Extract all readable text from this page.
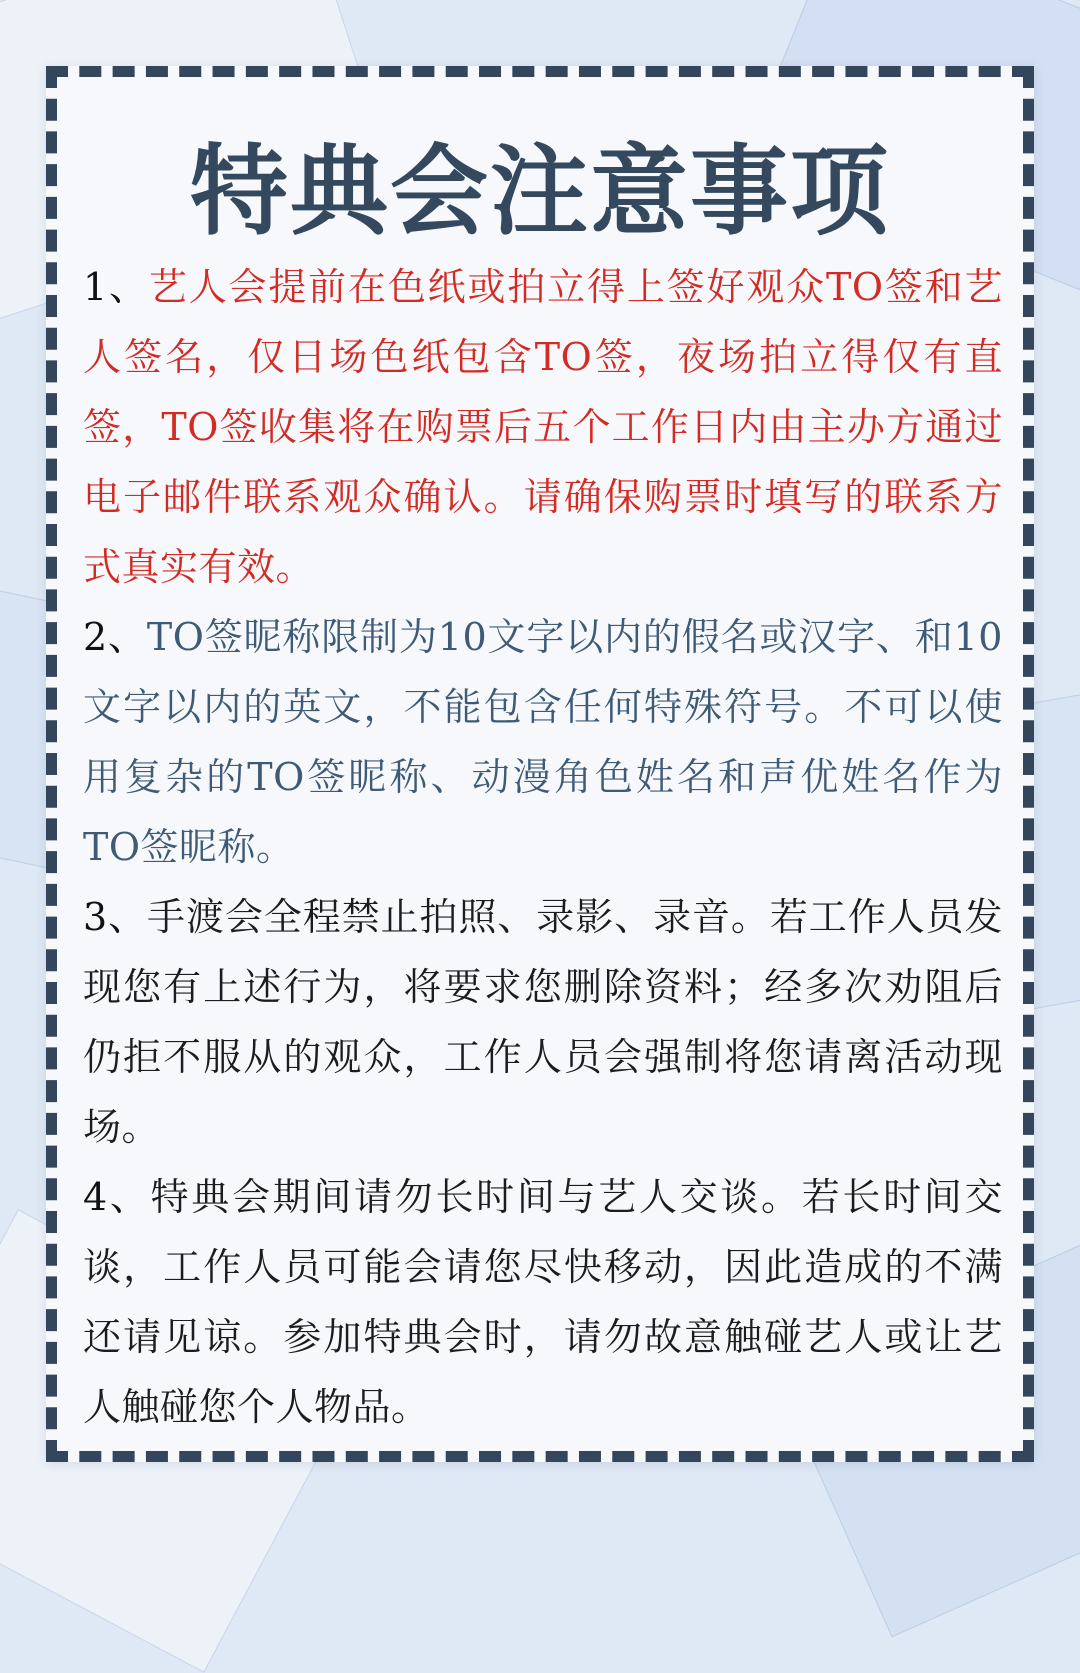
特典会注意事项

1、艺人会提前在色纸或拍立得上签好观众TO签和艺人签名，仅日场色纸包含TO签，夜场拍立得仅有直签，TO签收集将在购票后五个工作日内由主办方通过电子邮件联系观众确认。请确保购票时填写的联系方式真实有效。

2、TO签昵称限制为10文字以内的假名或汉字、和10文字以内的英文，不能包含任何特殊符号。不可以使用复杂的TO签昵称、动漫角色姓名和声优姓名作为TO签昵称。

3、手渡会全程禁止拍照、录影、录音。若工作人员发现您有上述行为，将要求您删除资料；经多次劝阻后仍拒不服从的观众，工作人员会强制将您请离活动现场。

4、特典会期间请勿长时间与艺人交谈。若长时间交谈，工作人员可能会请您尽快移动，因此造成的不满还请见谅。参加特典会时，请勿故意触碰艺人或让艺人触碰您个人物品。
